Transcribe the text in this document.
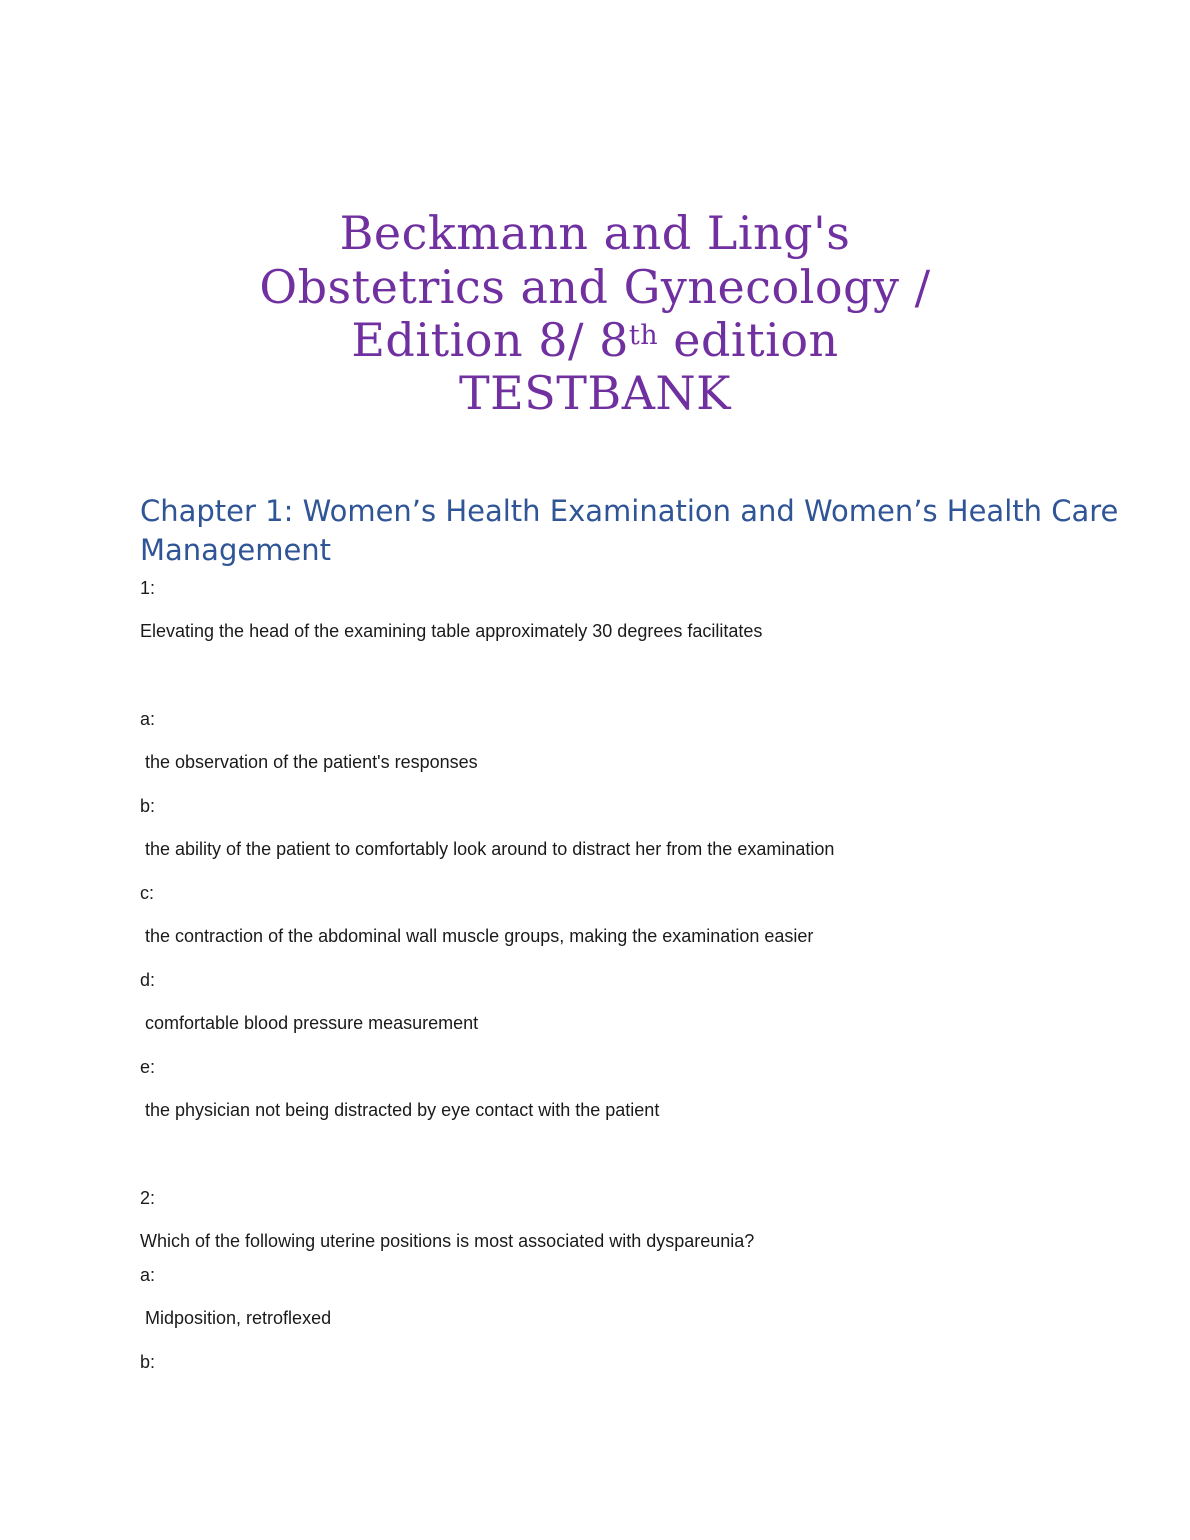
Beckmann and Ling's
Obstetrics and Gynecology /
Edition 8/ 8th edition
TESTBANK
Chapter 1: Women’s Health Examination and Women’s Health Care
Management
1:
Elevating the head of the examining table approximately 30 degrees facilitates
a:
the observation of the patient's responses
b:
the ability of the patient to comfortably look around to distract her from the examination
c:
the contraction of the abdominal wall muscle groups, making the examination easier
d:
comfortable blood pressure measurement
e:
the physician not being distracted by eye contact with the patient
2:
Which of the following uterine positions is most associated with dyspareunia?
a:
Midposition, retroflexed
b:
